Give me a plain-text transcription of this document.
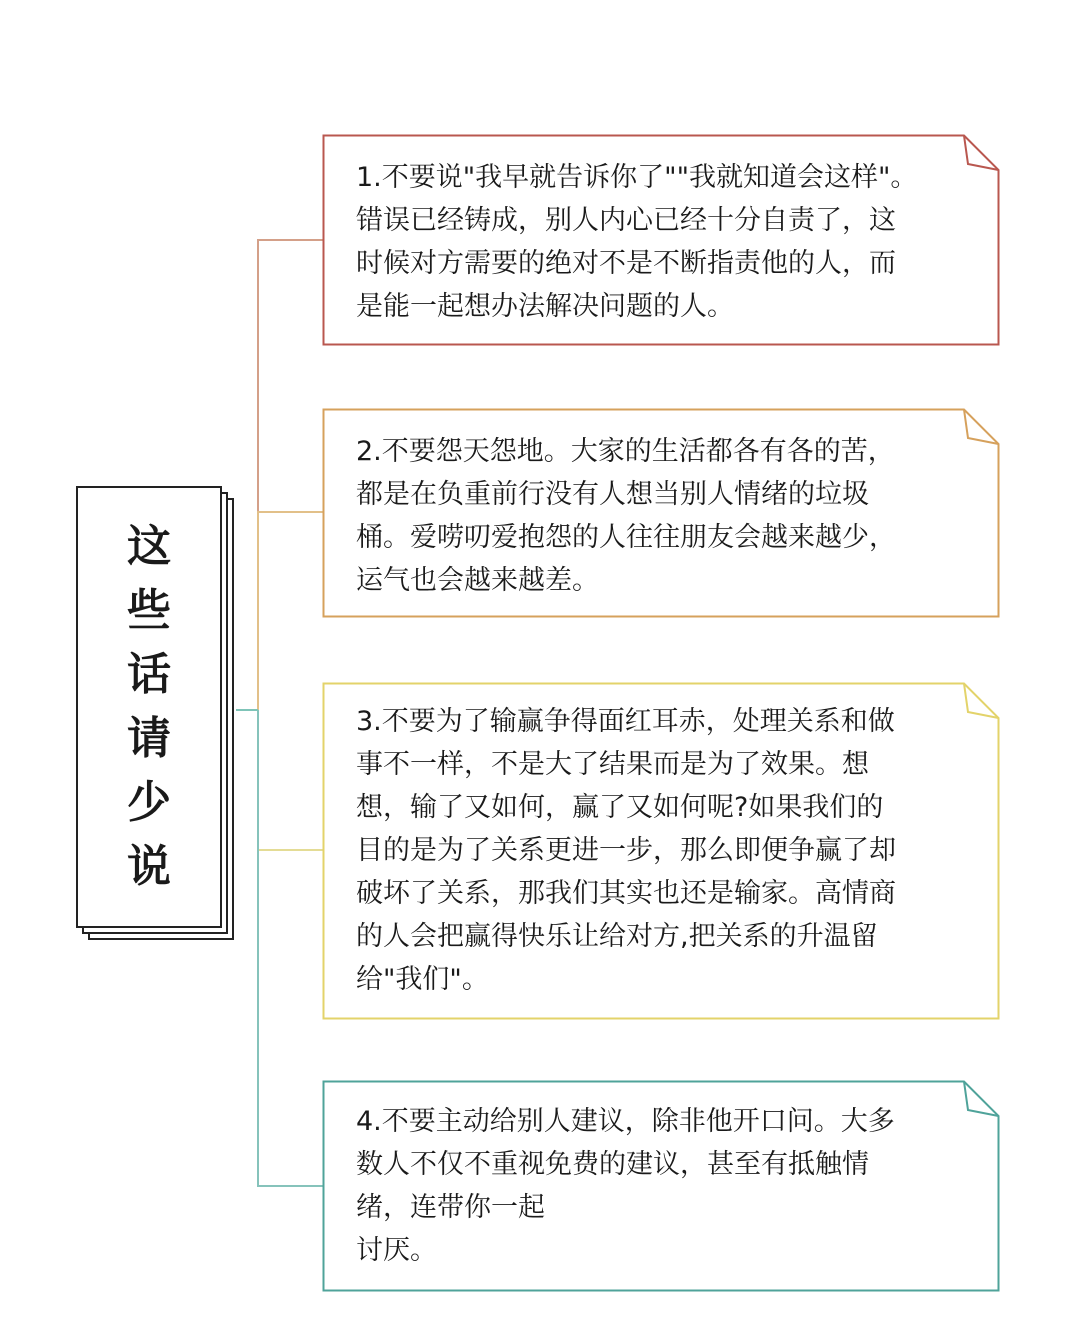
这
些
话
请
少
说
1.不要说"我早就告诉你了""我就知道会这样"。
错误已经铸成，别人内心已经十分自责了，这
时候对方需要的绝对不是不断指责他的人，而
是能一起想办法解决问题的人。
2.不要怨天怨地。大家的生活都各有各的苦，
都是在负重前行没有人想当别人情绪的垃圾
桶。爱唠叨爱抱怨的人往往朋友会越来越少，
运气也会越来越差。
3.不要为了输赢争得面红耳赤，处理关系和做
事不一样，不是大了结果而是为了效果。想
想，输了又如何，赢了又如何呢?如果我们的
目的是为了关系更进一步，那么即便争赢了却
破坏了关系，那我们其实也还是输家。高情商
的人会把赢得快乐让给对方,把关系的升温留
给"我们"。
4.不要主动给别人建议，除非他开口问。大多
数人不仅不重视免费的建议，甚至有抵触情
绪，连带你一起
讨厌。
